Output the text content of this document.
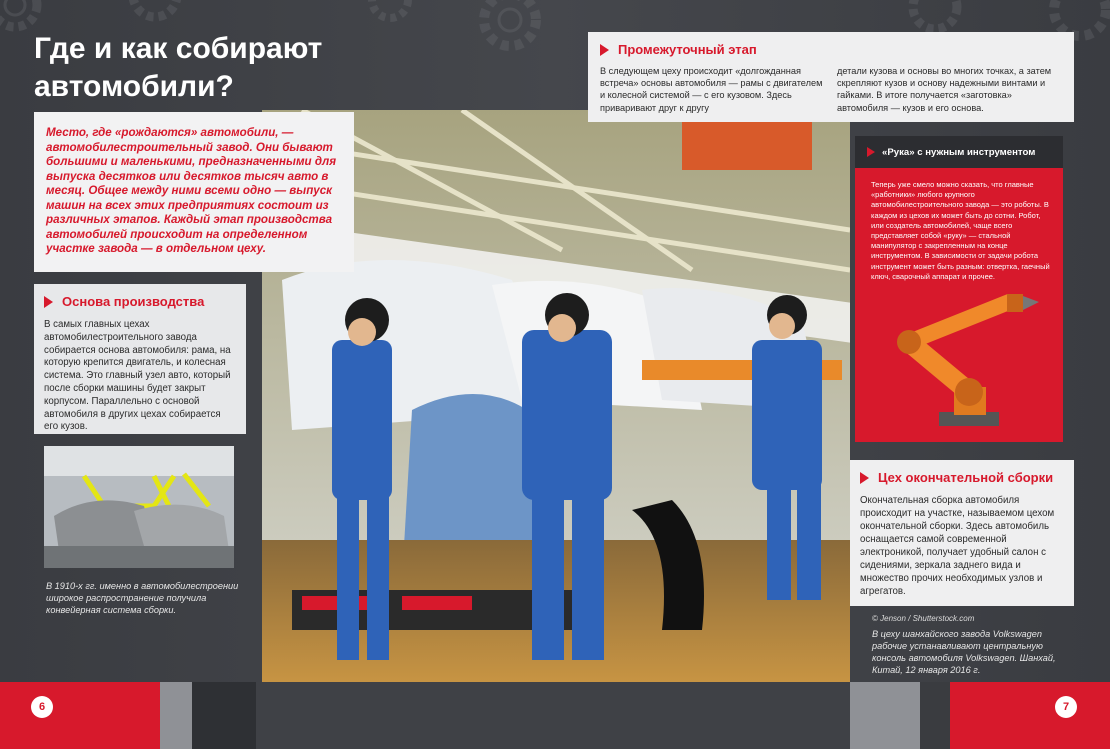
Где и как собирают автомобили?

Место, где «рождаются» автомобили, — автомобилестроительный завод. Они бывают большими и маленькими, предназначенными для выпуска десятков или десятков тысяч авто в месяц. Общее между ними всеми одно — выпуск машин на всех этих предприятиях состоит из различных этапов. Каждый этап производства автомобилей происходит на определенном участке завода — в отдельном цеху.

Основа производства

В самых главных цехах автомобилестроительного завода собирается основа автомобиля: рама, на которую крепится двигатель, и колесная система. Это главный узел авто, который после сборки машины будет закрыт корпусом. Параллельно с основой автомобиля в других цехах собирается его кузов.

В 1910-х гг. именно в автомобилестроении широкое распространение получила конвейерная система сборки.

Промежуточный этап

В следующем цеху происходит «долгожданная встреча» основы автомобиля — рамы с двигателем и колесной системой — с его кузовом. Здесь приваривают друг к другу

детали кузова и основы во многих точках, а затем скрепляют кузов и основу надежными винтами и гайками. В итоге получается «заготовка» автомобиля — кузов и его основа.

«Рука» с нужным инструментом

Теперь уже смело можно сказать, что главные «работники» любого крупного автомобилестроительного завода — это роботы. В каждом из цехов их может быть до сотни. Робот, или создатель автомобилей, чаще всего представляет собой «руку» — стальной манипулятор с закрепленным на конце инструментом. В зависимости от задачи робота инструмент может быть разным: отвертка, гаечный ключ, сварочный аппарат и прочее.

Цех окончательной сборки

Окончательная сборка автомобиля происходит на участке, называемом цехом окончательной сборки. Здесь автомобиль оснащается самой современной электроникой, получает удобный салон с сидениями, зеркала заднего вида и множество прочих необходимых узлов и агрегатов.

© Jenson / Shutterstock.com

В цеху шанхайского завода Volkswagen рабочие устанавливают центральную консоль автомобиля Volkswagen. Шанхай, Китай, 12 января 2016 г.

6	7
